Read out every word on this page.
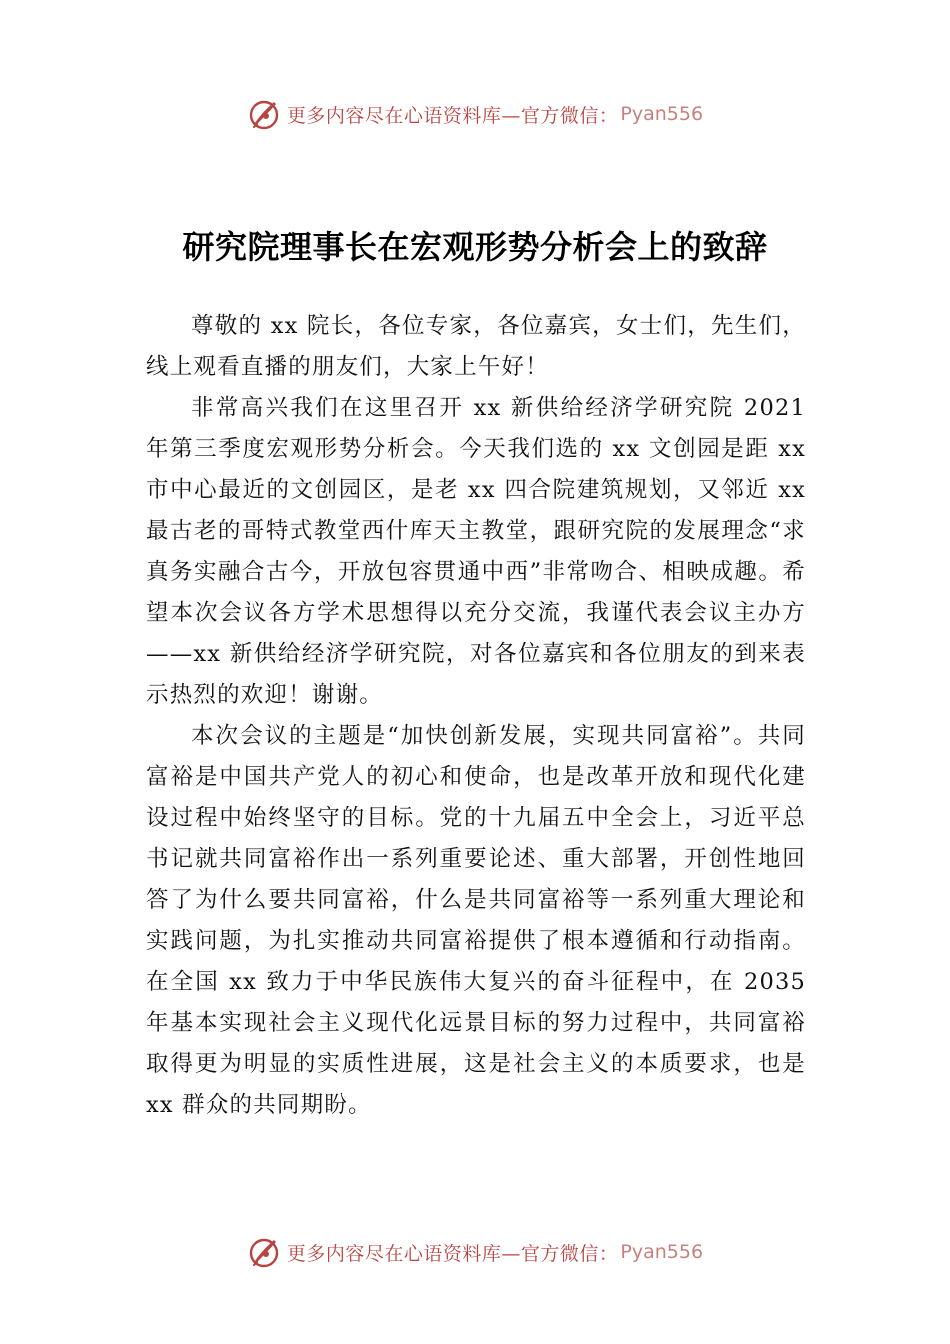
更多内容尽在心语资料库—官方微信： Pyan556
研究院理事长在宏观形势分析会上的致辞

尊敬的 xx 院长，各位专家，各位嘉宾，女士们，先生们，线上观看直播的朋友们，大家上午好！

非常高兴我们在这里召开 xx 新供给经济学研究院 2021 年第三季度宏观形势分析会。今天我们选的 xx 文创园是距 xx 市中心最近的文创园区，是老 xx 四合院建筑规划，又邻近 xx 最古老的哥特式教堂西什库天主教堂，跟研究院的发展理念“求真务实融合古今，开放包容贯通中西”非常吻合、相映成趣。希望本次会议各方学术思想得以充分交流，我谨代表会议主办方——xx 新供给经济学研究院，对各位嘉宾和各位朋友的到来表示热烈的欢迎！谢谢。

本次会议的主题是“加快创新发展，实现共同富裕”。共同富裕是中国共产党人的初心和使命，也是改革开放和现代化建设过程中始终坚守的目标。党的十九届五中全会上，习近平总书记就共同富裕作出一系列重要论述、重大部署，开创性地回答了为什么要共同富裕，什么是共同富裕等一系列重大理论和实践问题，为扎实推动共同富裕提供了根本遵循和行动指南。在全国 xx 致力于中华民族伟大复兴的奋斗征程中，在 2035 年基本实现社会主义现代化远景目标的努力过程中，共同富裕取得更为明显的实质性进展，这是社会主义的本质要求，也是 xx 群众的共同期盼。

更多内容尽在心语资料库—官方微信： Pyan556
